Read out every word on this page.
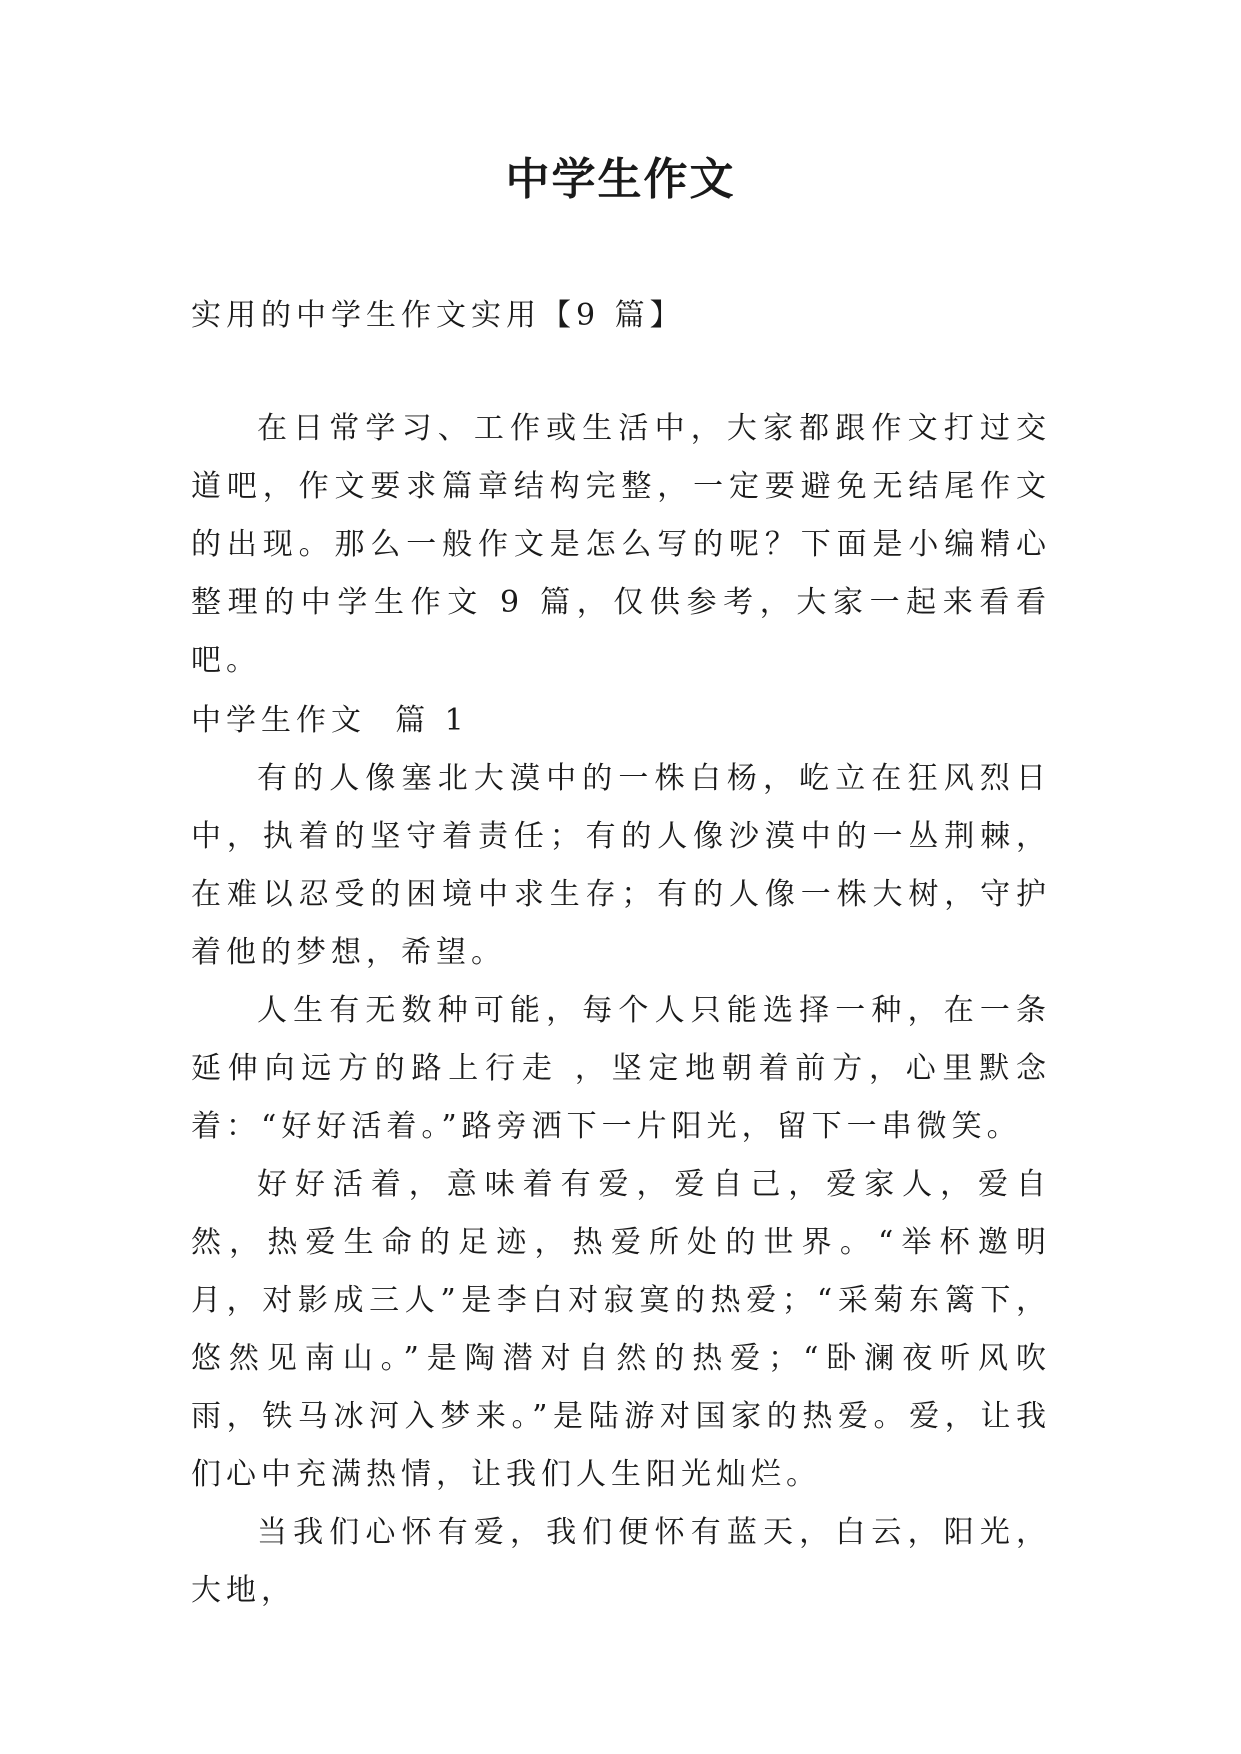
中学生作文

实用的中学生作文实用【9 篇】

在日常学习、工作或生活中，大家都跟作文打过交道吧，作文要求篇章结构完整，一定要避免无结尾作文的出现。那么一般作文是怎么写的呢？下面是小编精心整理的中学生作文 9 篇，仅供参考，大家一起来看看吧。

中学生作文  篇 1

有的人像塞北大漠中的一株白杨，屹立在狂风烈日中，执着的坚守着责任；有的人像沙漠中的一丛荆棘，在难以忍受的困境中求生存；有的人像一株大树，守护着他的梦想，希望。

人生有无数种可能，每个人只能选择一种，在一条延伸向远方的路上行走 ，坚定地朝着前方，心里默念着：“好好活着。”路旁洒下一片阳光，留下一串微笑。

好好活着，意味着有爱，爱自己，爱家人，爱自然，热爱生命的足迹，热爱所处的世界。“举杯邀明月，对影成三人”是李白对寂寞的热爱；“采菊东篱下，悠然见南山。”是陶潜对自然的热爱；“卧澜夜听风吹雨，铁马冰河入梦来。”是陆游对国家的热爱。爱，让我们心中充满热情，让我们人生阳光灿烂。

当我们心怀有爱，我们便怀有蓝天，白云，阳光，大地，
